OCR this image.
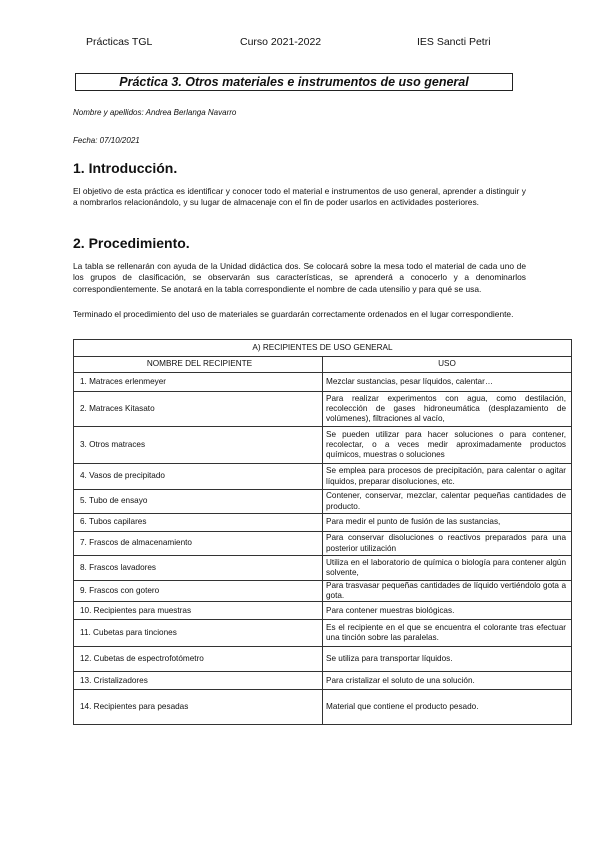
Prácticas TGL	Curso 2021-2022	IES Sancti Petri
Práctica 3. Otros materiales e instrumentos de uso general
Nombre y apellidos: Andrea Berlanga Navarro
Fecha: 07/10/2021
1. Introducción.
El objetivo de esta práctica es identificar y conocer todo el material e instrumentos de uso general, aprender a distinguir y a nombrarlos relacionándolo, y su lugar de almacenaje con el fin de poder usarlos en actividades posteriores.
2. Procedimiento.
La tabla se rellenarán con ayuda de la Unidad didáctica dos. Se colocará sobre la mesa todo el material de cada uno de los grupos de clasificación, se observarán sus características, se aprenderá a conocerlo y a denominarlos correspondientemente. Se anotará en la tabla correspondiente el nombre de cada utensilio y para qué se usa.
Terminado el procedimiento del uso de materiales se guardarán correctamente ordenados en el lugar correspondiente.
A) RECIPIENTES DE USO GENERAL	
NOMBRE DEL RECIPIENTE	USO
1. Matraces erlenmeyer	Mezclar sustancias, pesar líquidos, calentar…
2. Matraces Kitasato	Para realizar experimentos con agua, como destilación, recolección de gases hidroneumática (desplazamiento de volúmenes), filtraciones al vacío,
3. Otros matraces	Se pueden utilizar para hacer soluciones o para contener, recolectar, o a veces medir aproximadamente productos químicos, muestras o soluciones
4. Vasos de precipitado	Se emplea para procesos de precipitación, para calentar o agitar líquidos, preparar disoluciones, etc.
5. Tubo de ensayo	Contener, conservar, mezclar, calentar pequeñas cantidades de producto.
6. Tubos capilares	Para medir el punto de fusión de las sustancias,
7. Frascos de almacenamiento	Para conservar disoluciones o reactivos preparados para una posterior utilización
8. Frascos lavadores	Utiliza en el laboratorio de química o biología para contener algún solvente,
9. Frascos con gotero	Para trasvasar pequeñas cantidades de líquido vertiéndolo gota a gota.
10. Recipientes para muestras	Para contener muestras biológicas.
11. Cubetas para tinciones	Es el recipiente en el que se encuentra el colorante tras efectuar una tinción sobre las paralelas.
12. Cubetas de espectrofotómetro	Se utiliza para transportar líquidos.
13. Cristalizadores	Para cristalizar el soluto de una solución.
14. Recipientes para pesadas	Material que contiene el producto pesado.
